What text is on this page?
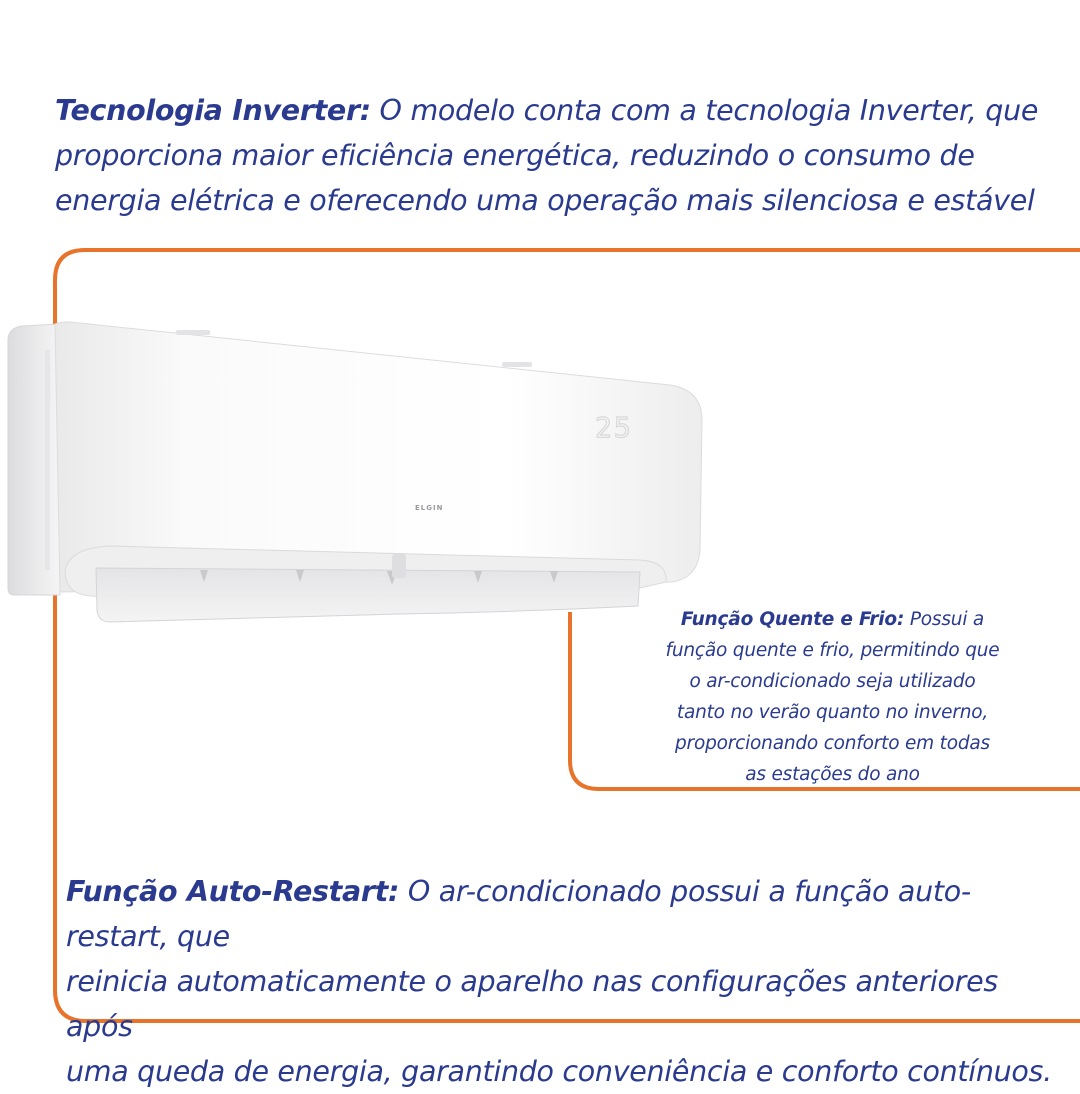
25
ELGIN

Tecnologia Inverter: O modelo conta com a tecnologia Inverter, que
proporciona maior eficiência energética, reduzindo o consumo de
energia elétrica e oferecendo uma operação mais silenciosa e estável

Função Quente e Frio: Possui a
função quente e frio, permitindo que
o ar-condicionado seja utilizado
tanto no verão quanto no inverno,
proporcionando conforto em todas
as estações do ano

Função Auto-Restart: O ar-condicionado possui a função auto-restart, que
reinicia automaticamente o aparelho nas configurações anteriores após
uma queda de energia, garantindo conveniência e conforto contínuos.
